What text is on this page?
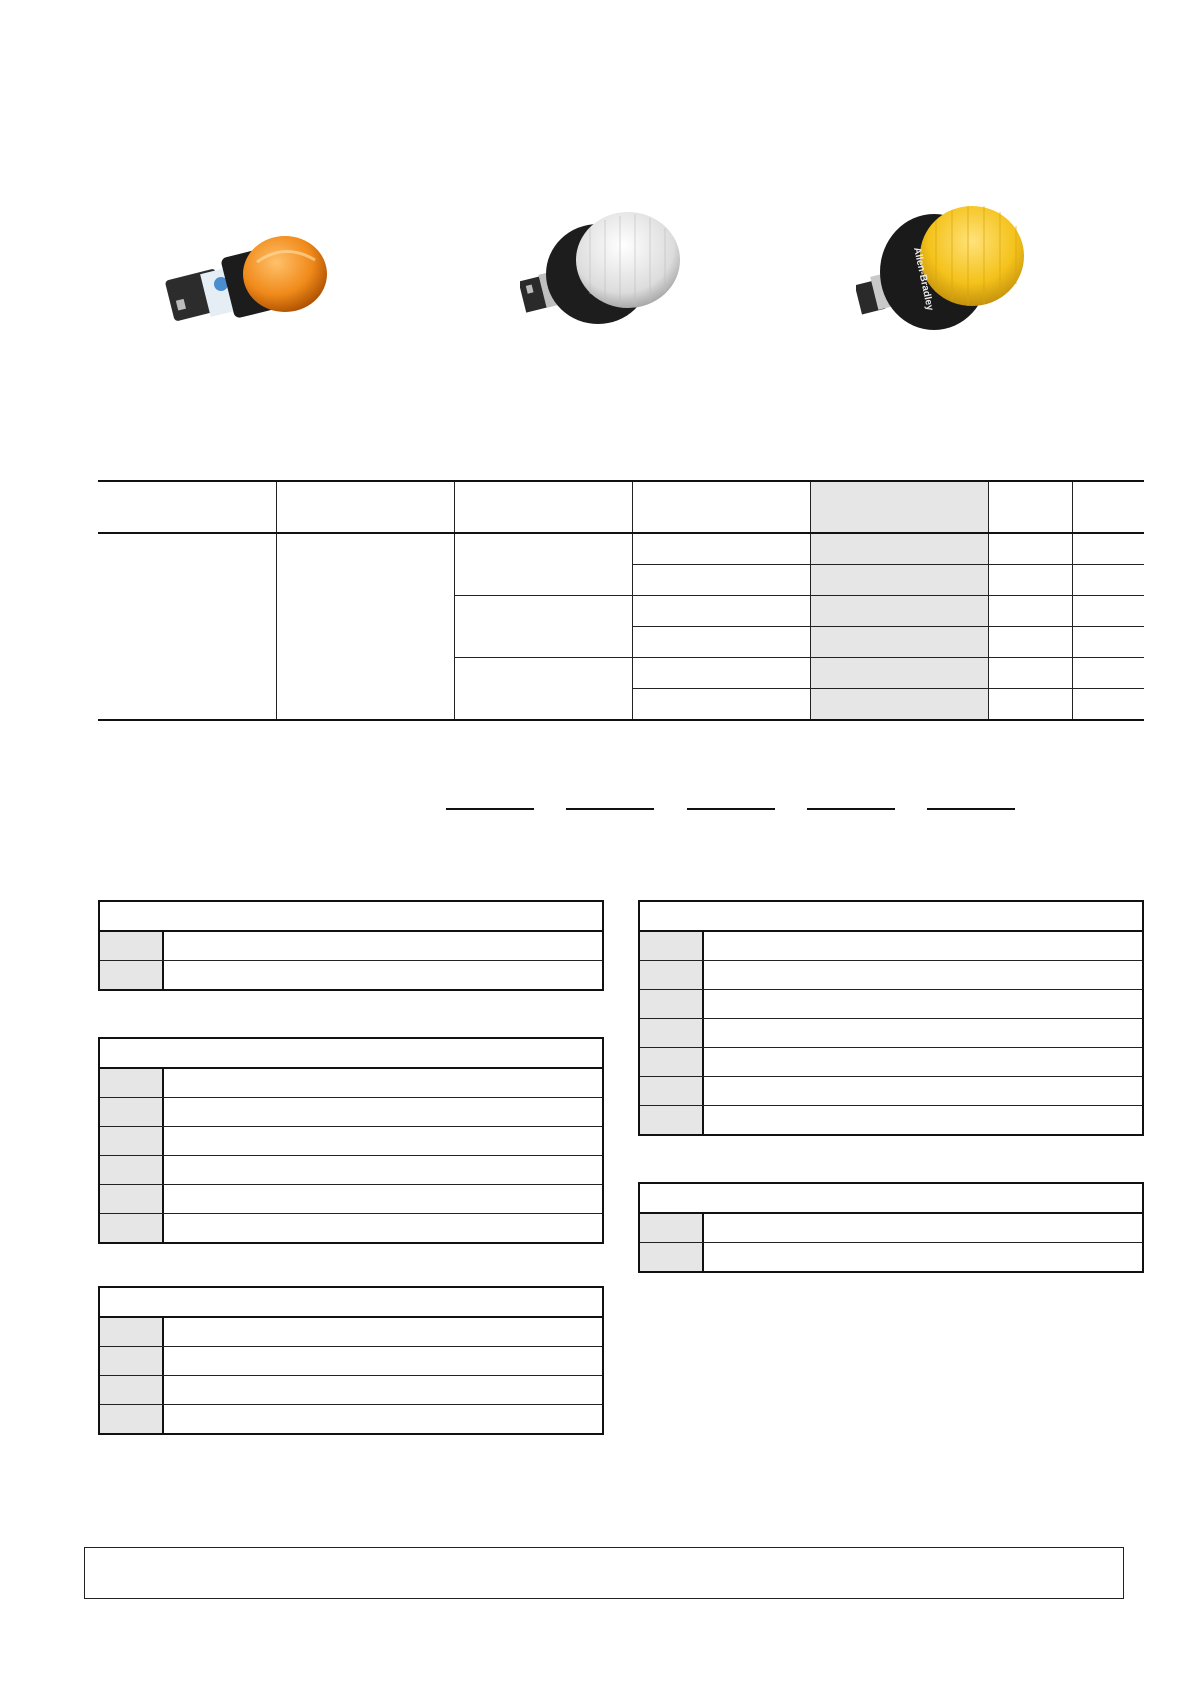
Allen-Bradley
